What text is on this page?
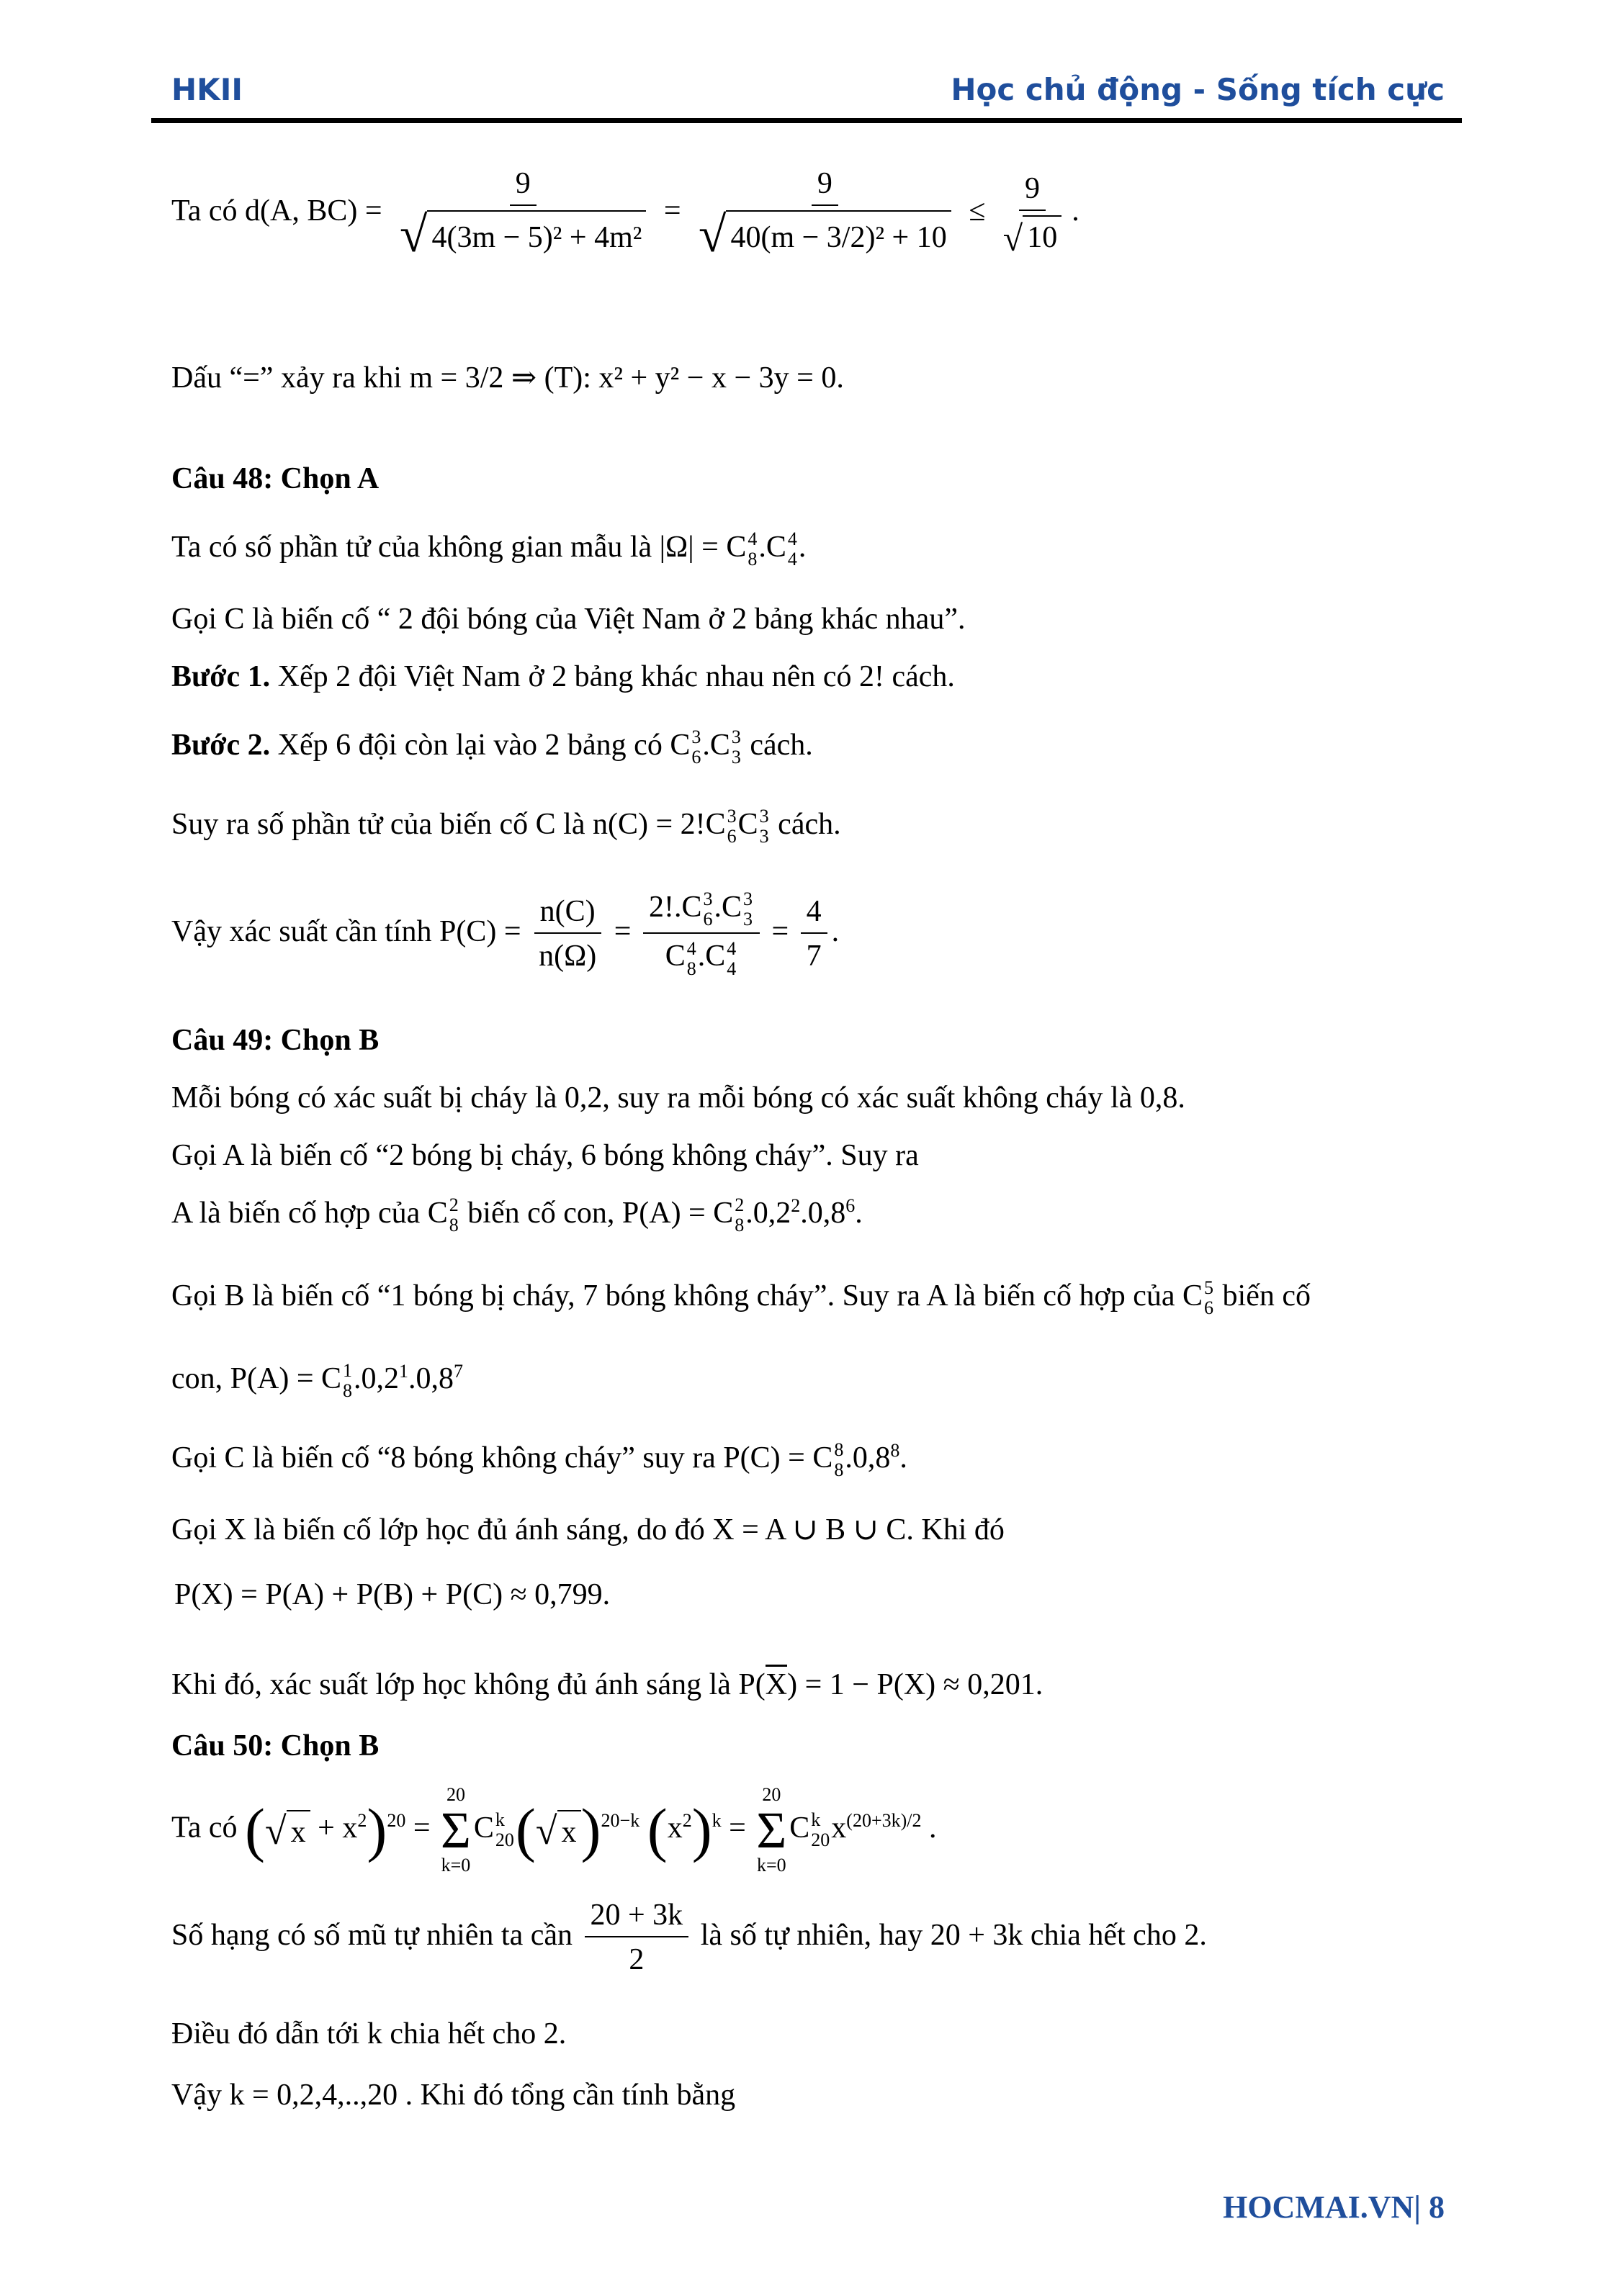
HKII	Học chủ động - Sống tích cực
Ta có d(A, $BC) = \frac{9}{\text{√ 4(3m − 5)² + 4m²}} = \frac{9}{\text{√ 40(m − 3/2)² + 10}} \le \frac{9}{√ 10}$ .
Dấu “=” xảy ra khi m = 3/2 ⇒ (T): x² + y² − x − 3y = 0.
Câu 48: Chọn A
Ta có số phần tử của không gian mẫu là |Ω| = C 4
8 .C 4
4 .
Gọi C là biến cố “ 2 đội bóng của Việt Nam ở 2 bảng khác nhau”.
Bước 1. Xếp 2 đội Việt Nam ở 2 bảng khác nhau nên có 2! cách.
Bước 2. Xếp 6 đội còn lại vào 2 bảng có C 3
6 .C 3
3 cách.
Suy ra số phần tử của biến cố C là n(C) = 2!C 3
6 C 3
3 cách.
Vậy xác suất cần tính $P(C) = \frac{n(C)}{n(\Omega)} = 2!.C$ 3
6 .C 3
3
C 4
8 .C 4
$4 = \frac{4}{7}$ .
Câu 49: Chọn B
Mỗi bóng có xác suất bị cháy là 0,2, suy ra mỗi bóng có xác suất không cháy là 0,8.
Gọi A là biến cố “2 bóng bị cháy, 6 bóng không cháy”. Suy ra
A là biến cố hợp của C 2
8 biến cố con, P(A) = C 2
8 .0,2$^2$.0,8$^6$.
Gọi B là biến cố “1 bóng bị cháy, 7 bóng không cháy”. Suy ra A là biến cố hợp của C 5
6 biến cố
con, P(A) = C 1
8 .0,2$^1$.0,8$^7$
Gọi C là biến cố “8 bóng không cháy” suy ra P(C) = C 8
8 .0,8$^8$.
Gọi X là biến cố lớp học đủ ánh sáng, do đó X = A ∪ B ∪ C. Khi đó
P(X) = P(A) + P(B) + P(C) ≈ 0,799.
Khi đó, xác suất lớp học không đủ ánh sáng là P(X) = 1 − P(X) ≈ 0,201.
Câu 50: Chọn B
Ta có ( √ $x + x^2)^{20}$ =
20
Σ
k=0
C k
20 ( √ x )$^{20-k}$ $(x^2)^k$ =
20
Σ
k=0
C k
20 $x^{(20+3k)/2}$ .
Số hạng có số mũ tự nhiên ta cần $\frac{20 + 3k}{2}$ là số tự nhiên, hay 20 + 3k chia hết cho 2.
Điều đó dẫn tới k chia hết cho 2.
Vậy k = 0,2,4,..,20 . Khi đó tổng cần tính bằng
HOCMAI.VN| 8
